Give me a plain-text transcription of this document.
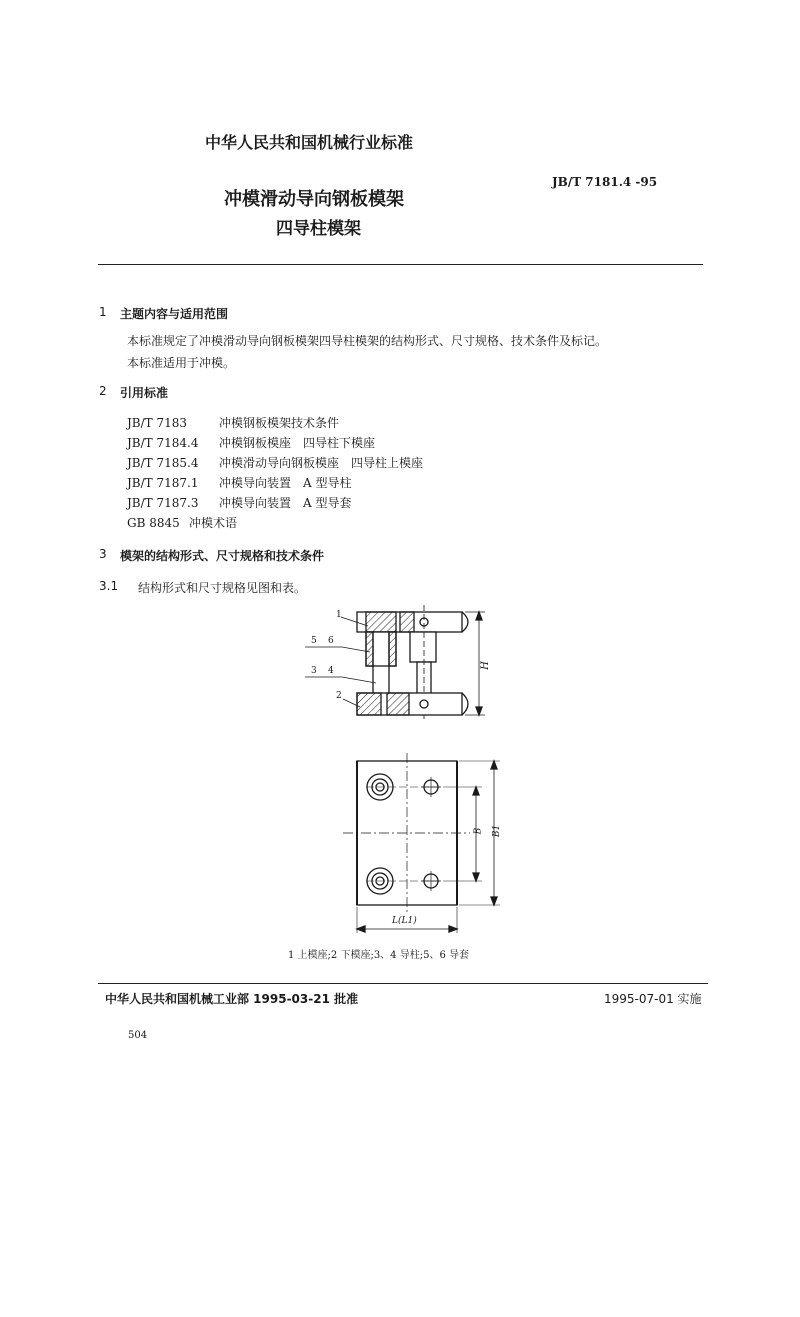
中华人民共和国机械行业标准
JB/T 7181.4 -95
冲模滑动导向钢板模架
四导柱模架
1 主题内容与适用范围
本标准规定了冲模滑动导向钢板模架四导柱模架的结构形式、尺寸规格、技术条件及标记。
本标准适用于冲模。
2 引用标准
JB/T 7183	冲模钢板模架技术条件
JB/T 7184.4 冲模钢板模座 四导柱下模座
JB/T 7185.4 冲模滑动导向钢板模座 四导柱上模座
JB/T 7187.1 冲模导向装置 A 型导柱
JB/T 7187.3 冲模导向装置 A 型导套
GB 8845 冲模术语
3 模架的结构形式、尺寸规格和技术条件
3.1 结构形式和尺寸规格见图和表。
1
5 6
3 4
2
H
B B1
L(L1)
1 上模座;2 下模座;3、4 导柱;5、6 导套
中华人民共和国机械工业部 1995-03-21 批准	1995-07-01 实施
504
